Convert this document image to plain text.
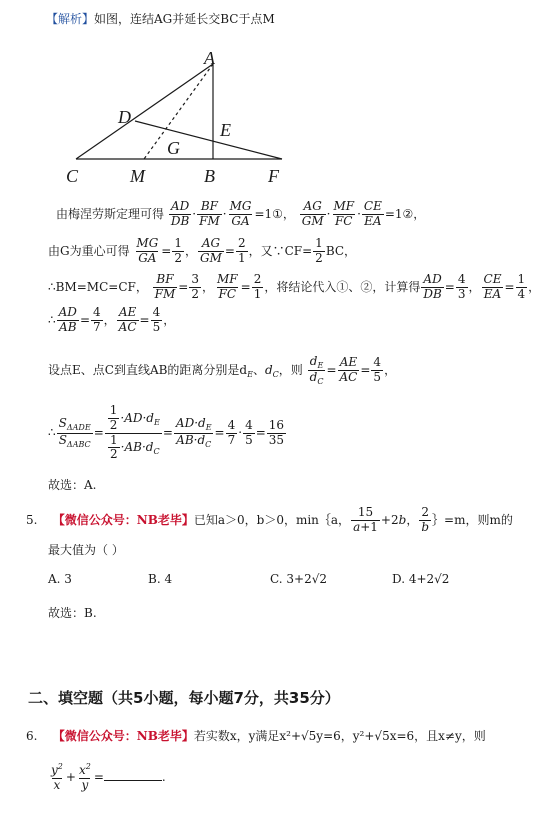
【解析】如图，连结AG并延长交BC于点M
A
D
E
G
C	M	B	F
由梅涅劳斯定理可得 $\frac{AD}{DB} \cdot \frac{BF}{FM} \cdot \frac{MG}{GA}$ =1①， $\frac{AG}{GM} \cdot \frac{MF}{FC} \cdot \frac{CE}{EA}$ =1②，
由G为重心可得 $\frac{MG}{GA} = \frac{1}{2}$ ， $\frac{AG}{GM} = \frac{2}{1}$ ，又∵CF= $\frac{1}{2}$ BC，
∴BM=MC=CF， $\frac{BF}{FM} = \frac{3}{2}$ ， $\frac{MF}{FC} = \frac{2}{1}$ ，将结论代入①、②，计算得 $\frac{AD}{DB} = \frac{4}{3}$ ， $\frac{CE}{EA} = \frac{1}{4}$ ，
∴ $\frac{AD}{AB} = \frac{4}{7}$ ， $\frac{AE}{AC} = \frac{4}{5}$ ，
设点E、点C到直线AB的距离分别是$d_E$、$d_C$，则 $\frac{d_E}{d_C} = \frac{AE}{AC} = \frac{4}{5}$ ，
∴ $\frac{S_{\Delta ADE}}{S_{\Delta ABC}} = \frac{\frac{1}{2} \cdot AD\cdot d_E}{\frac{1}{2} \cdot AB\cdot d_C} = \frac{AD\cdot d_E}{AB\cdot d_C} = \frac{4}{7} \cdot \frac{4}{5} = \frac{16}{35}$
故选：A.
5. 【微信公众号：NB老毕】已知a＞0，b＞0，min｛a， $\frac{15}{a+1} +2b$， $\frac{2}{b}$ ｝=m，则m的
最大值为（ ）
A. 3	B. 4	C. 3+2√2	D. 4+2√2
故选：B.
二、填空题（共5小题，每小题7分，共35分）
6. 【微信公众号：NB老毕】若实数x，y满足x²+√5y=6，y²+√5x=6，且x≠y，则
$\frac{y^2}{x} + \frac{x^2}{y}$ =	.
